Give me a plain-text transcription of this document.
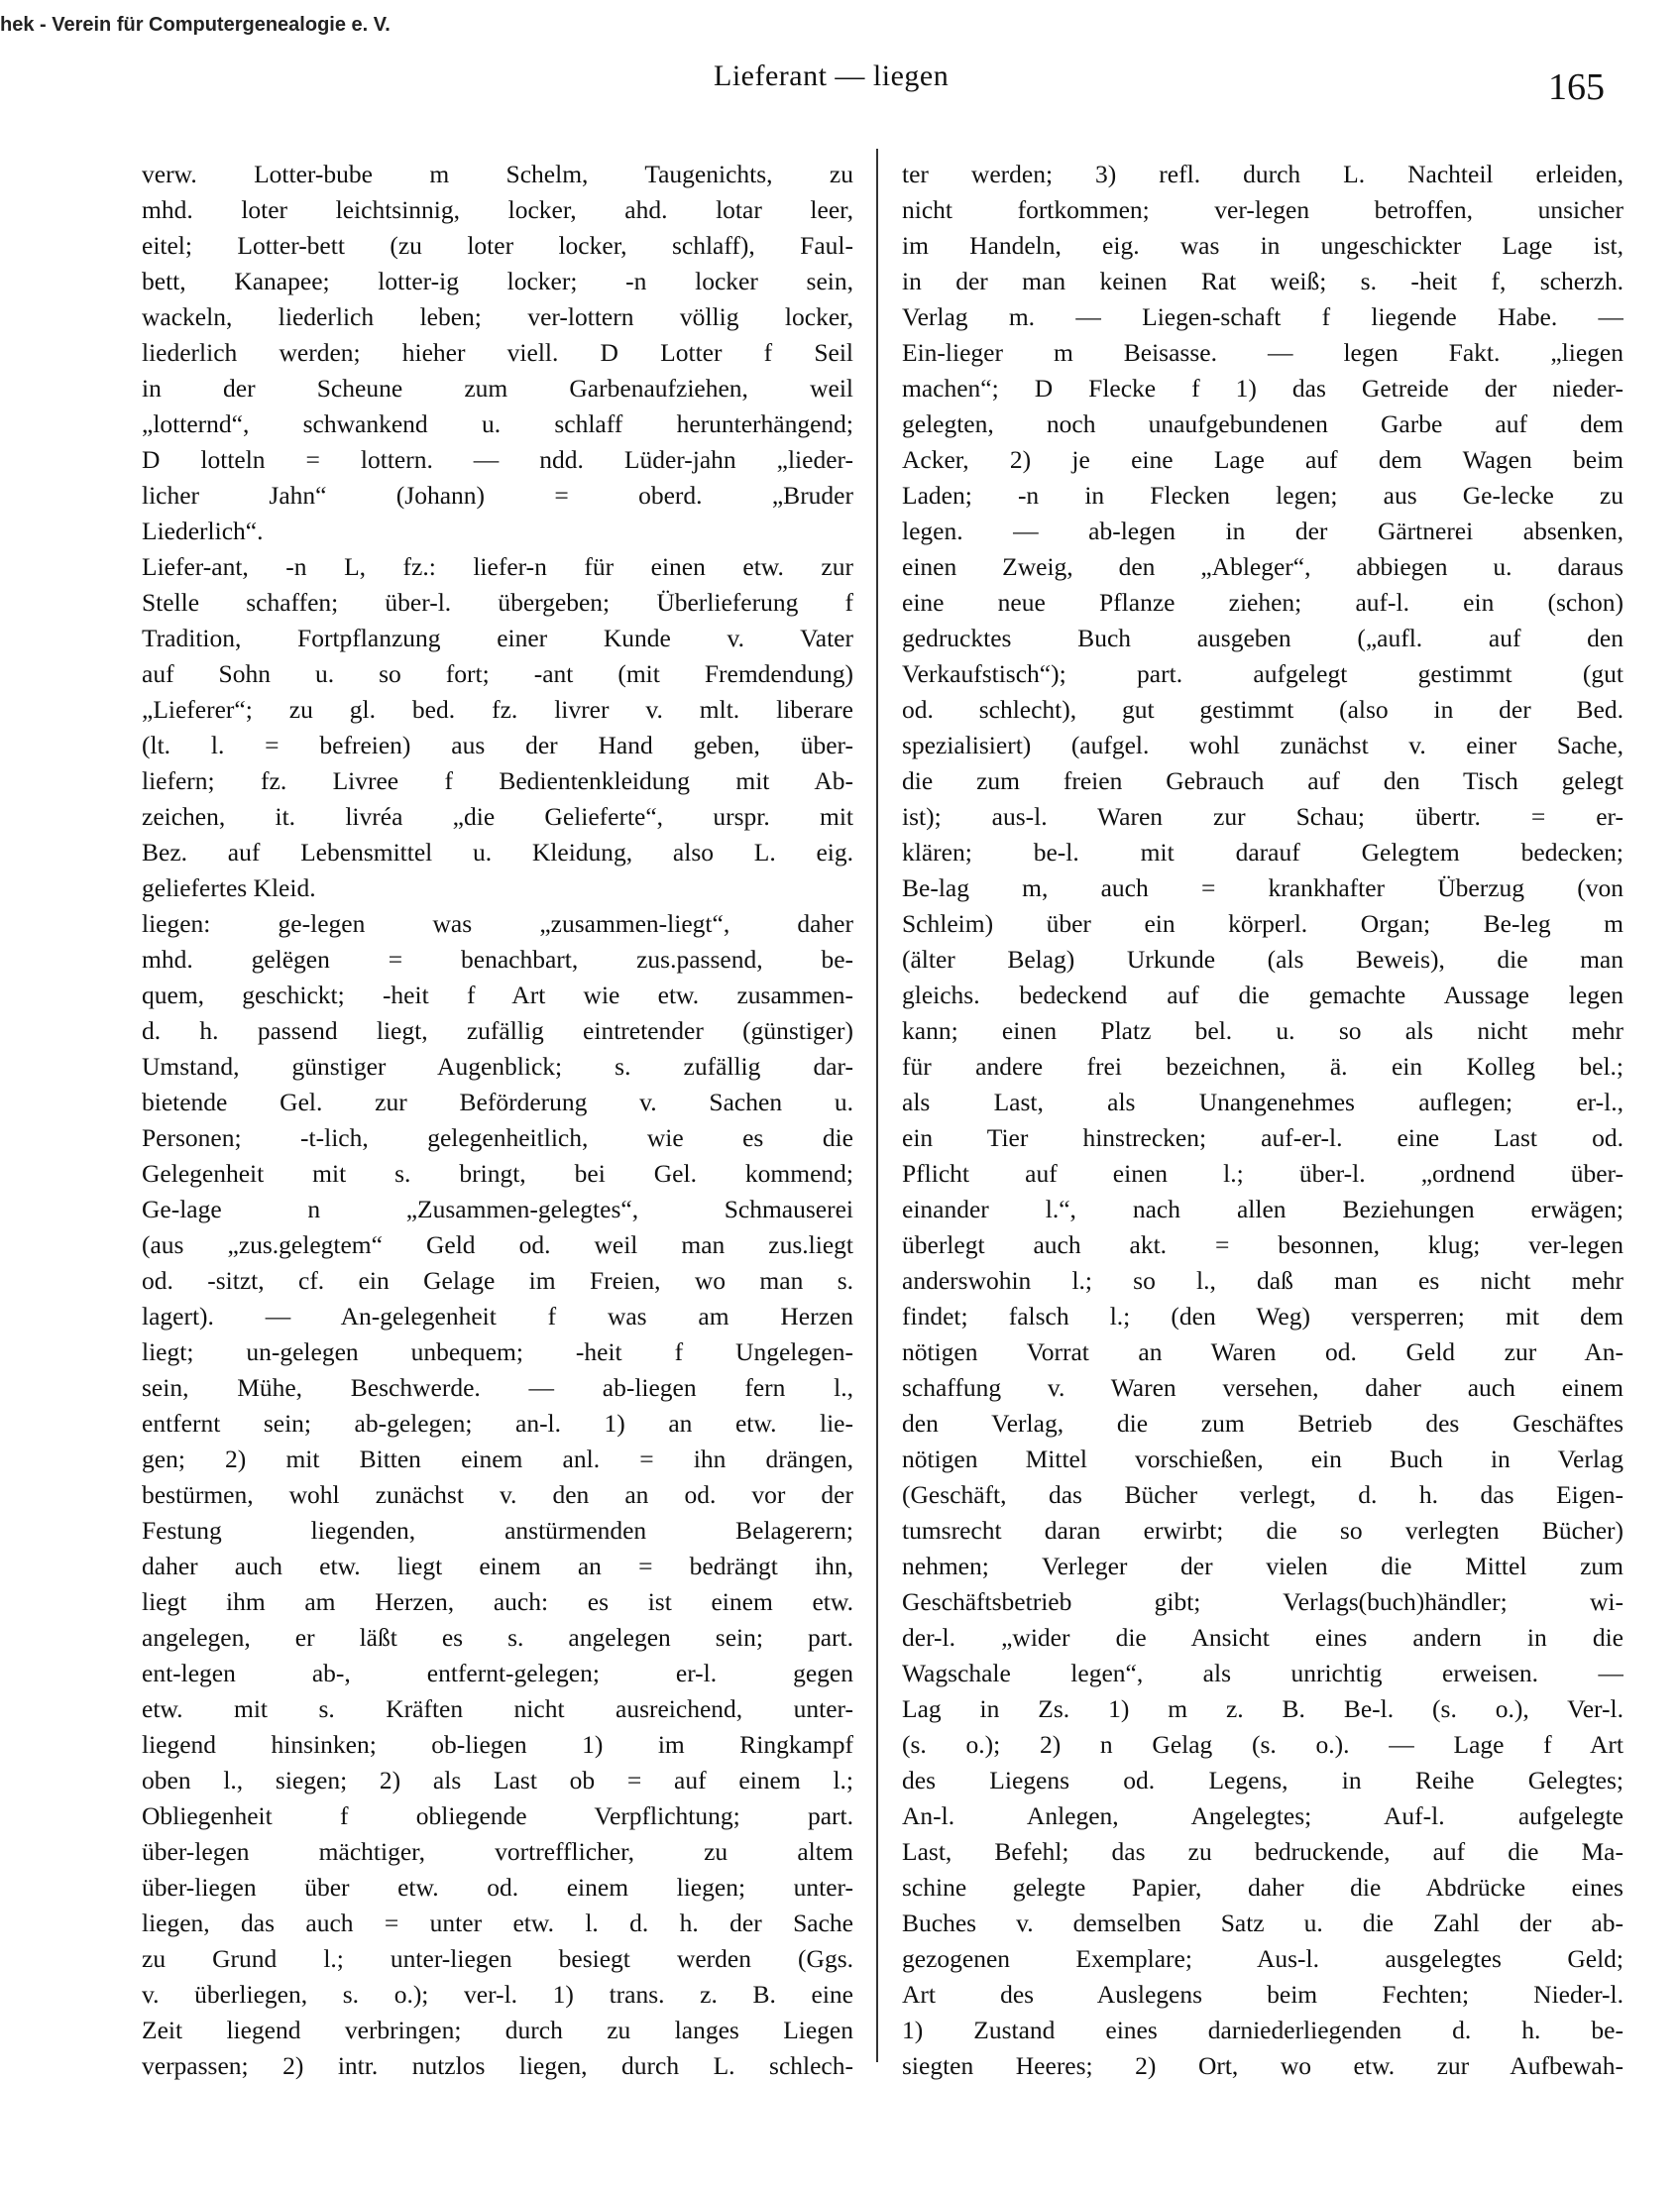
hek - Verein für Computergenealogie e. V.
Lieferant — liegen	165
verw. Lotter-bube m Schelm, Taugenichts, zu
mhd. loter leichtsinnig, locker, ahd. lotar leer,
eitel; Lotter-bett (zu loter locker, schlaff), Faul-
bett, Kanapee; lotter-ig locker; -n locker sein,
wackeln, liederlich leben; ver-lottern völlig locker,
liederlich werden; hieher viell. D Lotter f Seil
in der Scheune zum Garbenaufziehen, weil
„lotternd“, schwankend u. schlaff herunterhängend;
D lotteln = lottern. — ndd. Lüder-jahn „lieder-
licher Jahn“ (Johann) = oberd. „Bruder
Liederlich“.
Liefer-ant, -n L, fz.: liefer-n für einen etw. zur
Stelle schaffen; über-l. übergeben; Überlieferung f
Tradition, Fortpflanzung einer Kunde v. Vater
auf Sohn u. so fort; -ant (mit Fremdendung)
„Lieferer“; zu gl. bed. fz. livrer v. mlt. liberare
(lt. l. = befreien) aus der Hand geben, über-
liefern; fz. Livree f Bedientenkleidung mit Ab-
zeichen, it. livréa „die Gelieferte“, urspr. mit
Bez. auf Lebensmittel u. Kleidung, also L. eig.
geliefertes Kleid.
liegen: ge-legen was „zusammen-liegt“, daher
mhd. gelëgen = benachbart, zus.passend, be-
quem, geschickt; -heit f Art wie etw. zusammen-
d. h. passend liegt, zufällig eintretender (günstiger)
Umstand, günstiger Augenblick; s. zufällig dar-
bietende Gel. zur Beförderung v. Sachen u.
Personen; -t-lich, gelegenheitlich, wie es die
Gelegenheit mit s. bringt, bei Gel. kommend;
Ge-lage n „Zusammen-gelegtes“, Schmauserei
(aus „zus.gelegtem“ Geld od. weil man zus.liegt
od. -sitzt, cf. ein Gelage im Freien, wo man s.
lagert). — An-gelegenheit f was am Herzen
liegt; un-gelegen unbequem; -heit f Ungelegen-
sein, Mühe, Beschwerde. — ab-liegen fern l.,
entfernt sein; ab-gelegen; an-l. 1) an etw. lie-
gen; 2) mit Bitten einem anl. = ihn drängen,
bestürmen, wohl zunächst v. den an od. vor der
Festung liegenden, anstürmenden Belagerern;
daher auch etw. liegt einem an = bedrängt ihn,
liegt ihm am Herzen, auch: es ist einem etw.
angelegen, er läßt es s. angelegen sein; part.
ent-legen ab-, entfernt-gelegen; er-l. gegen
etw. mit s. Kräften nicht ausreichend, unter-
liegend hinsinken; ob-liegen 1) im Ringkampf
oben l., siegen; 2) als Last ob = auf einem l.;
Obliegenheit f obliegende Verpflichtung; part.
über-legen mächtiger, vortrefflicher, zu altem
über-liegen über etw. od. einem liegen; unter-
liegen, das auch = unter etw. l. d. h. der Sache
zu Grund l.; unter-liegen besiegt werden (Ggs.
v. überliegen, s. o.); ver-l. 1) trans. z. B. eine
Zeit liegend verbringen; durch zu langes Liegen
verpassen; 2) intr. nutzlos liegen, durch L. schlech-
ter werden; 3) refl. durch L. Nachteil erleiden,
nicht fortkommen; ver-legen betroffen, unsicher
im Handeln, eig. was in ungeschickter Lage ist,
in der man keinen Rat weiß; s. -heit f, scherzh.
Verlag m. — Liegen-schaft f liegende Habe. —
Ein-lieger m Beisasse. — legen Fakt. „liegen
machen“; D Flecke f 1) das Getreide der nieder-
gelegten, noch unaufgebundenen Garbe auf dem
Acker, 2) je eine Lage auf dem Wagen beim
Laden; -n in Flecken legen; aus Ge-lecke zu
legen. — ab-legen in der Gärtnerei absenken,
einen Zweig, den „Ableger“, abbiegen u. daraus
eine neue Pflanze ziehen; auf-l. ein (schon)
gedrucktes Buch ausgeben („aufl. auf den
Verkaufstisch“); part. aufgelegt gestimmt (gut
od. schlecht), gut gestimmt (also in der Bed.
spezialisiert) (aufgel. wohl zunächst v. einer Sache,
die zum freien Gebrauch auf den Tisch gelegt
ist); aus-l. Waren zur Schau; übertr. = er-
klären; be-l. mit darauf Gelegtem bedecken;
Be-lag m, auch = krankhafter Überzug (von
Schleim) über ein körperl. Organ; Be-leg m
(älter Belag) Urkunde (als Beweis), die man
gleichs. bedeckend auf die gemachte Aussage legen
kann; einen Platz bel. u. so als nicht mehr
für andere frei bezeichnen, ä. ein Kolleg bel.;
als Last, als Unangenehmes auflegen; er-l.,
ein Tier hinstrecken; auf-er-l. eine Last od.
Pflicht auf einen l.; über-l. „ordnend über-
einander l.“, nach allen Beziehungen erwägen;
überlegt auch akt. = besonnen, klug; ver-legen
anderswohin l.; so l., daß man es nicht mehr
findet; falsch l.; (den Weg) versperren; mit dem
nötigen Vorrat an Waren od. Geld zur An-
schaffung v. Waren versehen, daher auch einem
den Verlag, die zum Betrieb des Geschäftes
nötigen Mittel vorschießen, ein Buch in Verlag
(Geschäft, das Bücher verlegt, d. h. das Eigen-
tumsrecht daran erwirbt; die so verlegten Bücher)
nehmen; Verleger der vielen die Mittel zum
Geschäftsbetrieb gibt; Verlags(buch)händler; wi-
der-l. „wider die Ansicht eines andern in die
Wagschale legen“, als unrichtig erweisen. —
Lag in Zs. 1) m z. B. Be-l. (s. o.), Ver-l.
(s. o.); 2) n Gelag (s. o.). — Lage f Art
des Liegens od. Legens, in Reihe Gelegtes;
An-l. Anlegen, Angelegtes; Auf-l. aufgelegte
Last, Befehl; das zu bedruckende, auf die Ma-
schine gelegte Papier, daher die Abdrücke eines
Buches v. demselben Satz u. die Zahl der ab-
gezogenen Exemplare; Aus-l. ausgelegtes Geld;
Art des Auslegens beim Fechten; Nieder-l.
1) Zustand eines darniederliegenden d. h. be-
siegten Heeres; 2) Ort, wo etw. zur Aufbewah-
